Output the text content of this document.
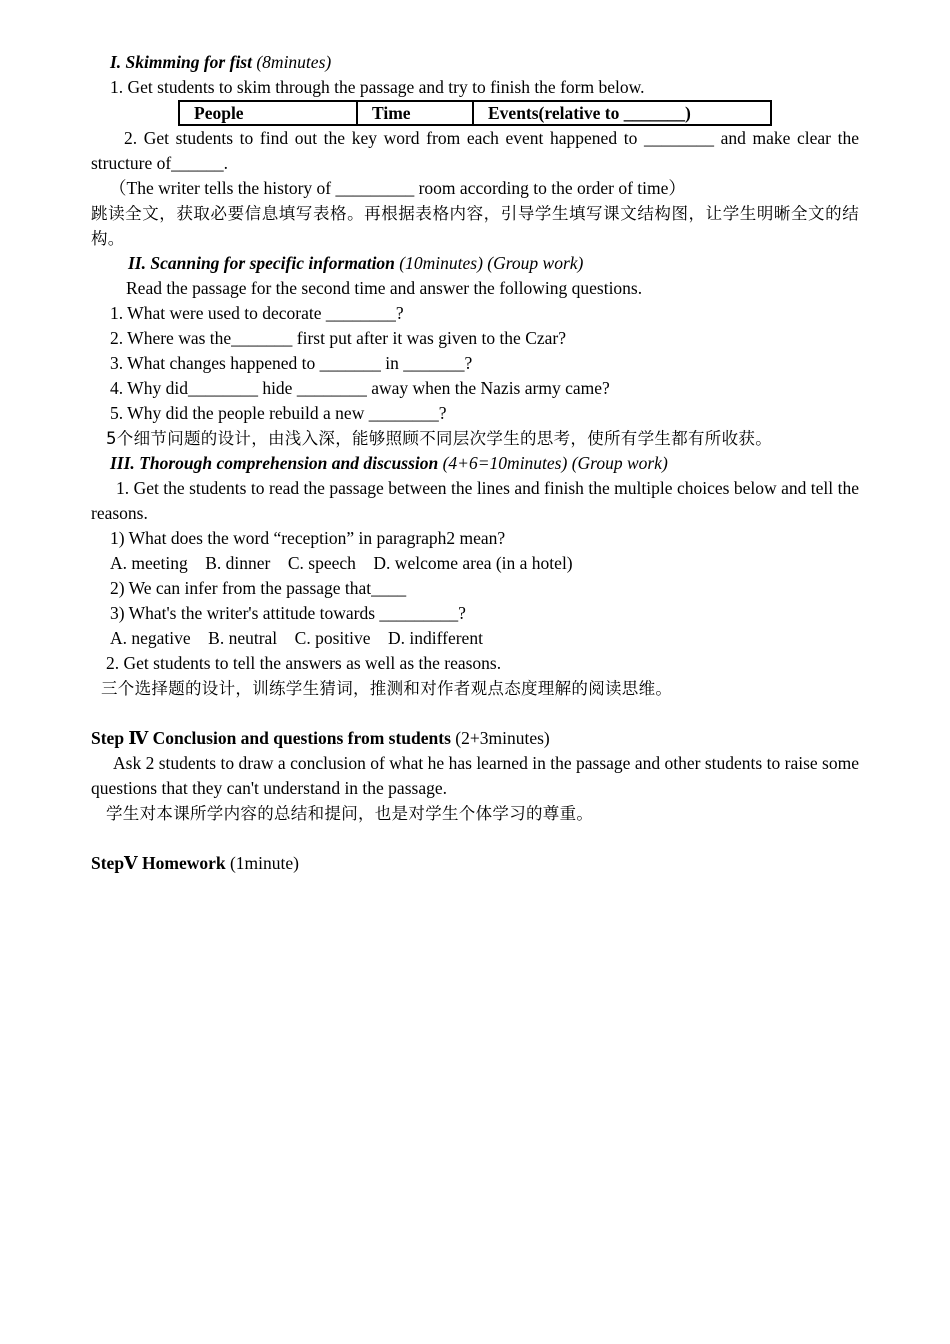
I. Skimming for fist (8minutes)
1. Get students to skim through the passage and try to finish the form below.
People	Time	Events(relative to _______)
2. Get students to find out the key word from each event happened to ________ and make clear the structure of______.
（The writer tells the history of _________ room according to the order of time）
跳读全文，获取必要信息填写表格。再根据表格内容，引导学生填写课文结构图，让学生明晰全文的结构。
II. Scanning for specific information (10minutes) (Group work)
Read the passage for the second time and answer the following questions.
1. What were used to decorate ________?
2. Where was the_______ first put after it was given to the Czar?
3. What changes happened to _______ in _______?
4. Why did________ hide ________ away when the Nazis army came?
5. Why did the people rebuild a new ________?
5个细节问题的设计，由浅入深，能够照顾不同层次学生的思考，使所有学生都有所收获。
III. Thorough comprehension and discussion (4+6=10minutes) (Group work)
1. Get the students to read the passage between the lines and finish the multiple choices below and tell the reasons.
1) What does the word “reception” in paragraph2 mean?
A. meeting    B. dinner    C. speech    D. welcome area (in a hotel)
2) We can infer from the passage that____
3) What's the writer's attitude towards _________?
A. negative    B. neutral    C. positive    D. indifferent
2. Get students to tell the answers as well as the reasons.
三个选择题的设计，训练学生猜词，推测和对作者观点态度理解的阅读思维。
Step Ⅳ Conclusion and questions from students (2+3minutes)
Ask 2 students to draw a conclusion of what he has learned in the passage and other students to raise some questions that they can't understand in the passage.
学生对本课所学内容的总结和提问，也是对学生个体学习的尊重。
StepⅤ Homework (1minute)
